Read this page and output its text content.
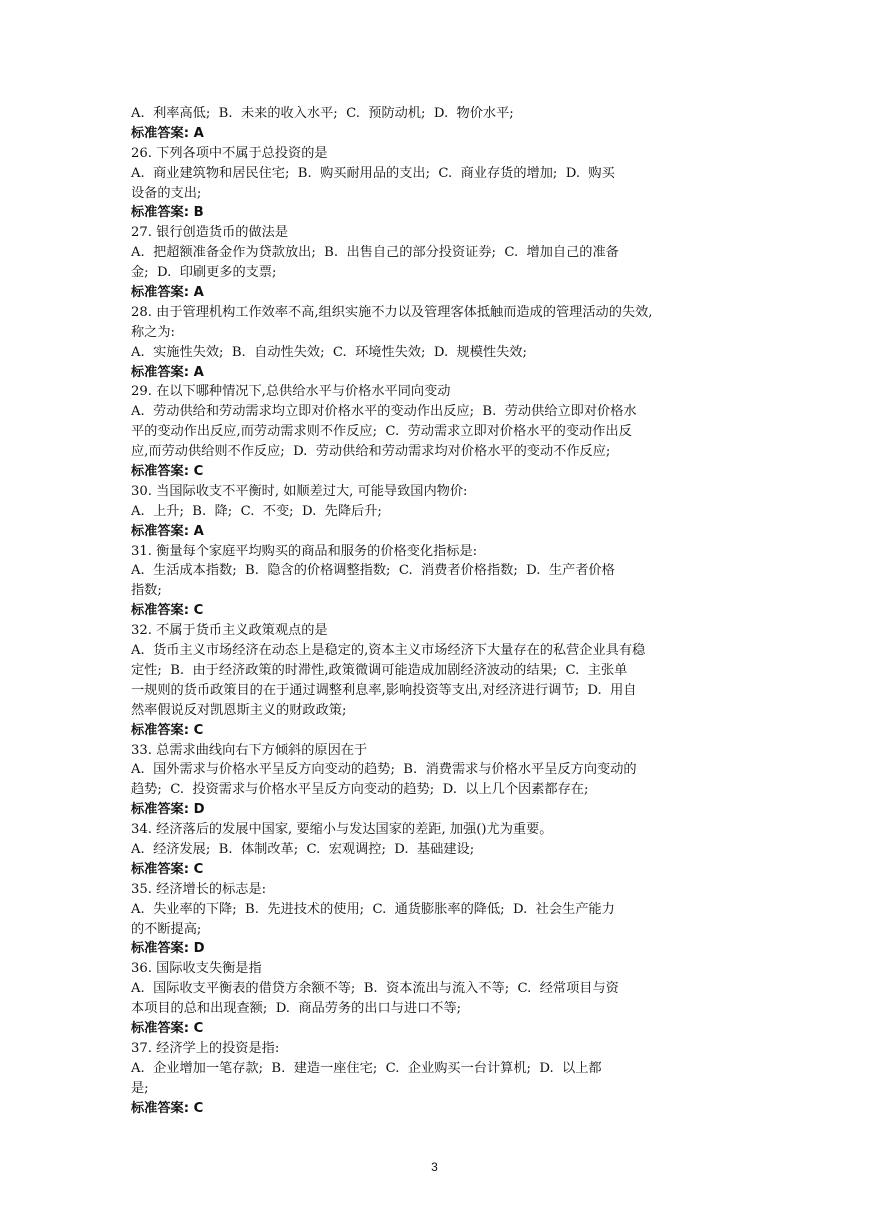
A.  利率高低;  B.  未来的收入水平;  C.  预防动机;  D.  物价水平;
标准答案: A
26. 下列各项中不属于总投资的是
A.  商业建筑物和居民住宅;  B.  购买耐用品的支出;  C.  商业存货的增加;  D.  购买
设备的支出;
标准答案: B
27. 银行创造货币的做法是
A.  把超额准备金作为贷款放出;  B.  出售自己的部分投资证券;  C.  增加自己的准备
金;  D.  印刷更多的支票;
标准答案: A
28. 由于管理机构工作效率不高,组织实施不力以及管理客体抵触而造成的管理活动的失效,
称之为:
A.  实施性失效;  B.  自动性失效;  C.  环境性失效;  D.  规模性失效;
标准答案: A
29. 在以下哪种情况下,总供给水平与价格水平同向变动
A.  劳动供给和劳动需求均立即对价格水平的变动作出反应;  B.  劳动供给立即对价格水
平的变动作出反应,而劳动需求则不作反应;  C.  劳动需求立即对价格水平的变动作出反
应,而劳动供给则不作反应;  D.  劳动供给和劳动需求均对价格水平的变动不作反应;
标准答案: C
30. 当国际收支不平衡时, 如顺差过大, 可能导致国内物价:
A.  上升;  B.  降;  C.  不变;  D.  先降后升;
标准答案: A
31. 衡量每个家庭平均购买的商品和服务的价格变化指标是:
A.  生活成本指数;  B.  隐含的价格调整指数;  C.  消费者价格指数;  D.  生产者价格
指数;
标准答案: C
32. 不属于货币主义政策观点的是
A.  货币主义市场经济在动态上是稳定的,资本主义市场经济下大量存在的私营企业具有稳
定性;  B.  由于经济政策的时滞性,政策微调可能造成加剧经济波动的结果;  C.  主张单
一规则的货币政策目的在于通过调整利息率,影响投资等支出,对经济进行调节;  D.  用自
然率假说反对凯恩斯主义的财政政策;
标准答案: C
33. 总需求曲线向右下方倾斜的原因在于
A.  国外需求与价格水平呈反方向变动的趋势;  B.  消费需求与价格水平呈反方向变动的
趋势;  C.  投资需求与价格水平呈反方向变动的趋势;  D.  以上几个因素都存在;
标准答案: D
34. 经济落后的发展中国家, 要缩小与发达国家的差距, 加强()尤为重要。
A.  经济发展;  B.  体制改革;  C.  宏观调控;  D.  基础建设;
标准答案: C
35. 经济增长的标志是:
A.  失业率的下降;  B.  先进技术的使用;  C.  通货膨胀率的降低;  D.  社会生产能力
的不断提高;
标准答案: D
36. 国际收支失衡是指
A.  国际收支平衡表的借贷方余额不等;  B.  资本流出与流入不等;  C.  经常项目与资
本项目的总和出现查额;  D.  商品劳务的出口与进口不等;
标准答案: C
37. 经济学上的投资是指:
A.  企业增加一笔存款;  B.  建造一座住宅;  C.  企业购买一台计算机;  D.  以上都
是;
标准答案: C
3
